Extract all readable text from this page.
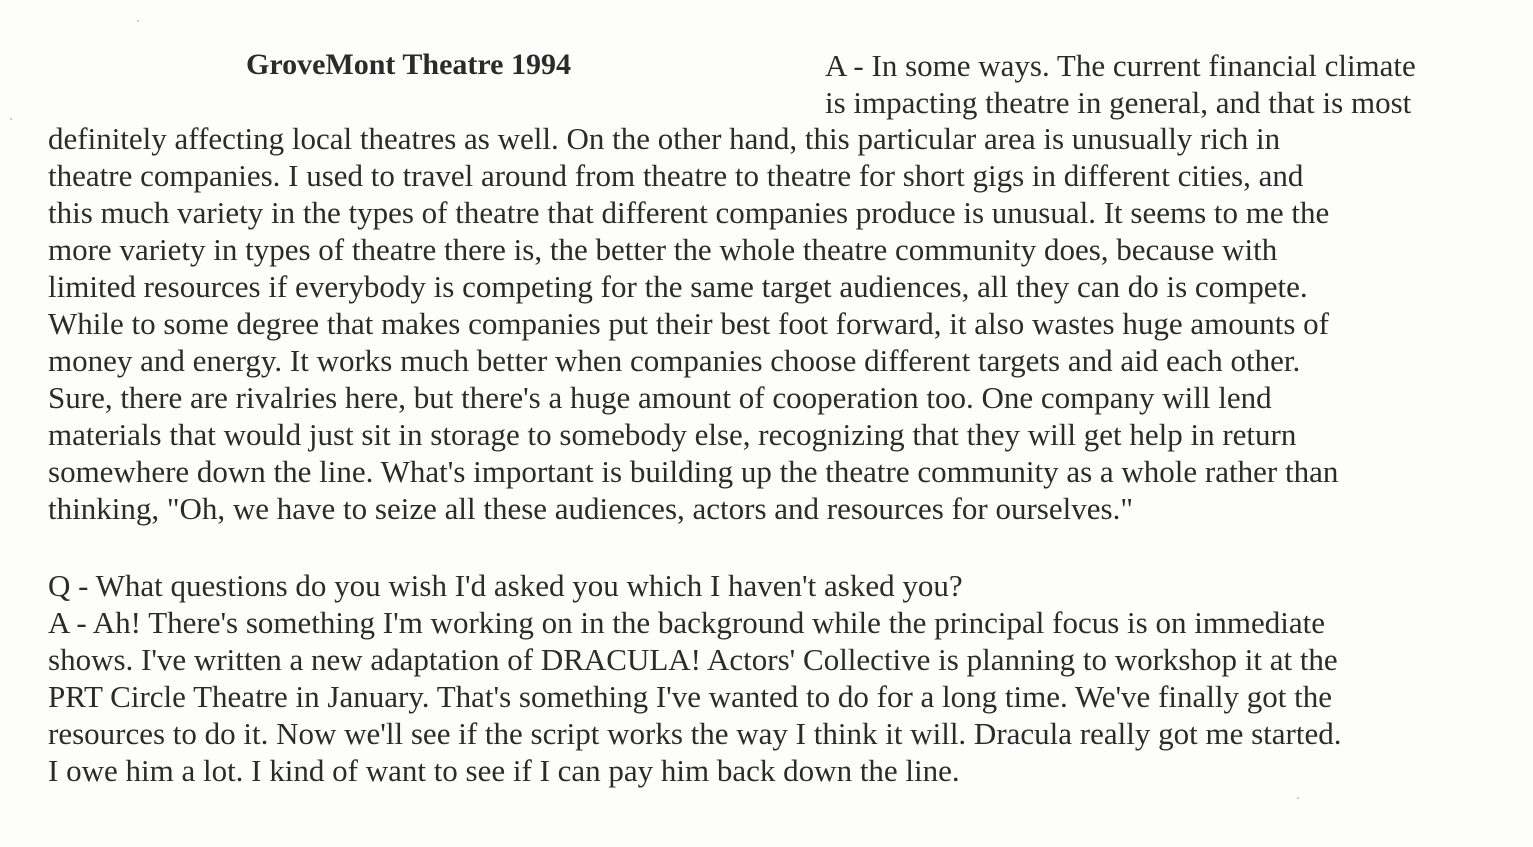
GroveMont Theatre 1994	A - In some ways. The current financial climate
is impacting theatre in general, and that is most
definitely affecting local theatres as well. On the other hand, this particular area is unusually rich in
theatre companies. I used to travel around from theatre to theatre for short gigs in different cities, and
this much variety in the types of theatre that different companies produce is unusual. It seems to me the
more variety in types of theatre there is, the better the whole theatre community does, because with
limited resources if everybody is competing for the same target audiences, all they can do is compete.
While to some degree that makes companies put their best foot forward, it also wastes huge amounts of
money and energy. It works much better when companies choose different targets and aid each other.
Sure, there are rivalries here, but there's a huge amount of cooperation too. One company will lend
materials that would just sit in storage to somebody else, recognizing that they will get help in return
somewhere down the line. What's important is building up the theatre community as a whole rather than
thinking, "Oh, we have to seize all these audiences, actors and resources for ourselves."
Q - What questions do you wish I'd asked you which I haven't asked you?
A - Ah! There's something I'm working on in the background while the principal focus is on immediate
shows. I've written a new adaptation of DRACULA! Actors' Collective is planning to workshop it at the
PRT Circle Theatre in January. That's something I've wanted to do for a long time. We've finally got the
resources to do it. Now we'll see if the script works the way I think it will. Dracula really got me started.
I owe him a lot. I kind of want to see if I can pay him back down the line.
